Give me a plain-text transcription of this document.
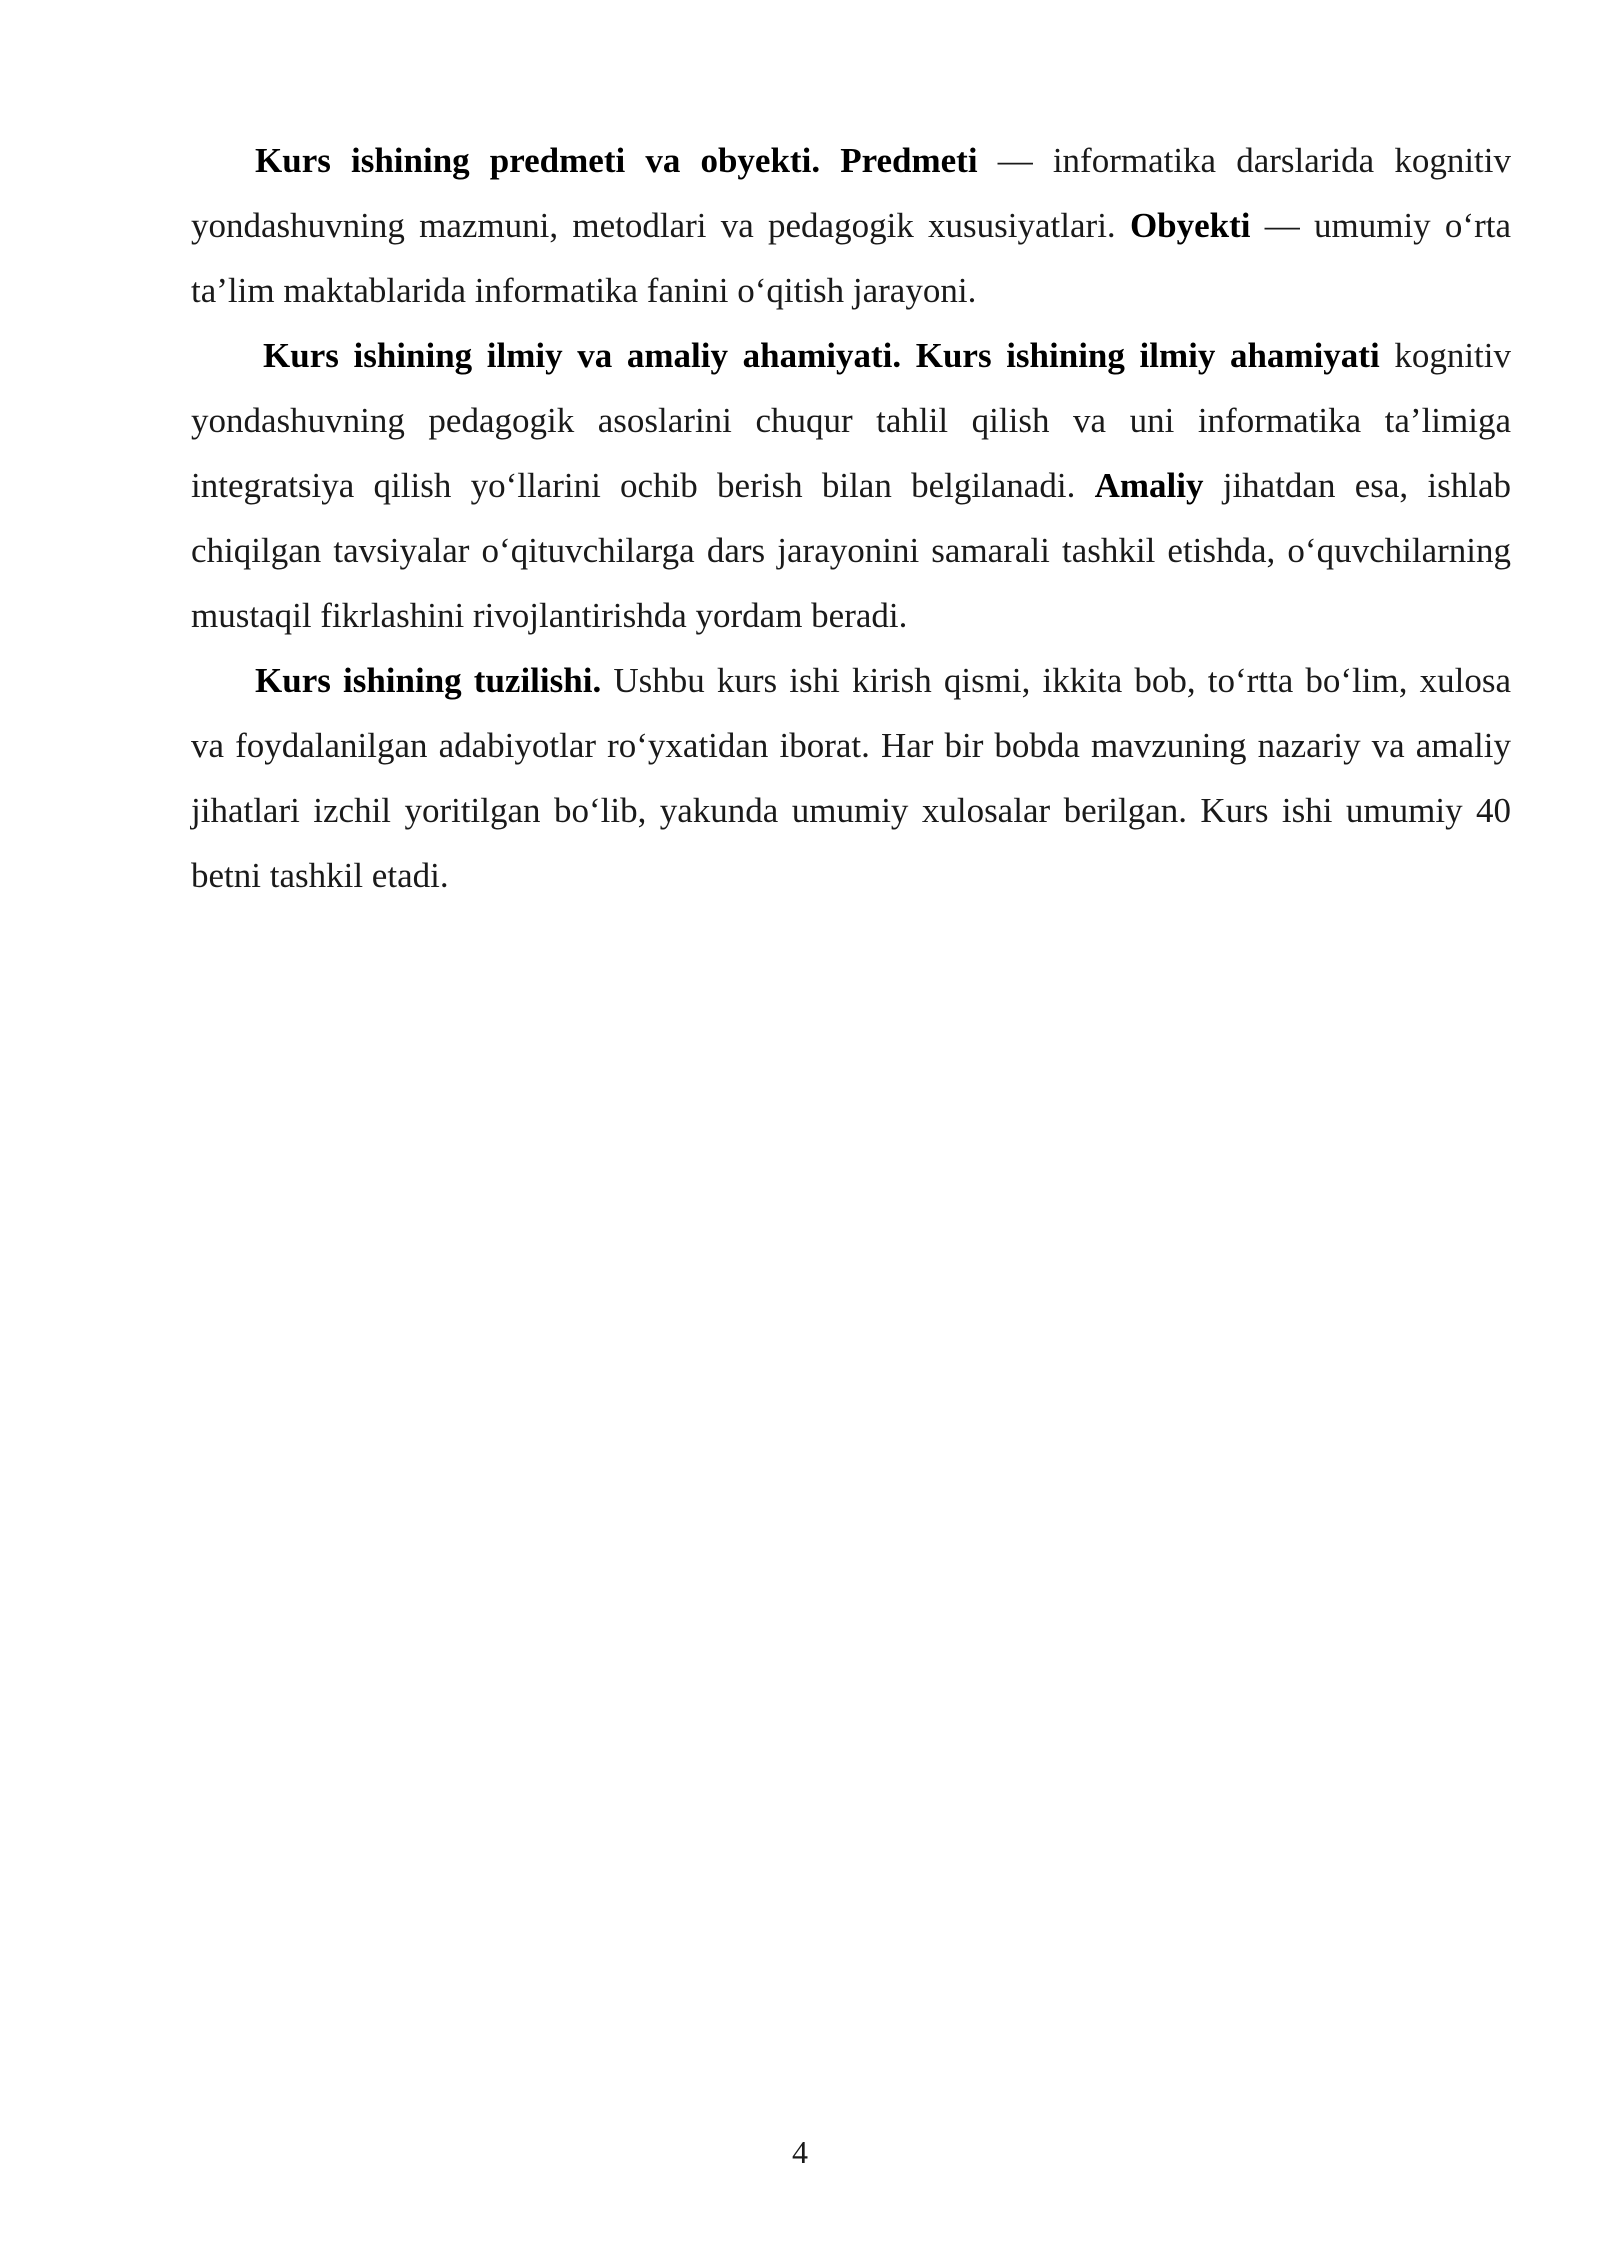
Kurs ishining predmeti va obyekti. Predmeti — informatika darslarida kognitiv yondashuvning mazmuni, metodlari va pedagogik xususiyatlari. Obyekti — umumiy o‘rta ta’lim maktablarida informatika fanini o‘qitish jarayoni.

Kurs ishining ilmiy va amaliy ahamiyati. Kurs ishining ilmiy ahamiyati kognitiv yondashuvning pedagogik asoslarini chuqur tahlil qilish va uni informatika ta’limiga integratsiya qilish yo‘llarini ochib berish bilan belgilanadi. Amaliy jihatdan esa, ishlab chiqilgan tavsiyalar o‘qituvchilarga dars jarayonini samarali tashkil etishda, o‘quvchilarning mustaqil fikrlashini rivojlantirishda yordam beradi.

Kurs ishining tuzilishi. Ushbu kurs ishi kirish qismi, ikkita bob, to‘rtta bo‘lim, xulosa va foydalanilgan adabiyotlar ro‘yxatidan iborat. Har bir bobda mavzuning nazariy va amaliy jihatlari izchil yoritilgan bo‘lib, yakunda umumiy xulosalar berilgan. Kurs ishi umumiy 40 betni tashkil etadi.

4
